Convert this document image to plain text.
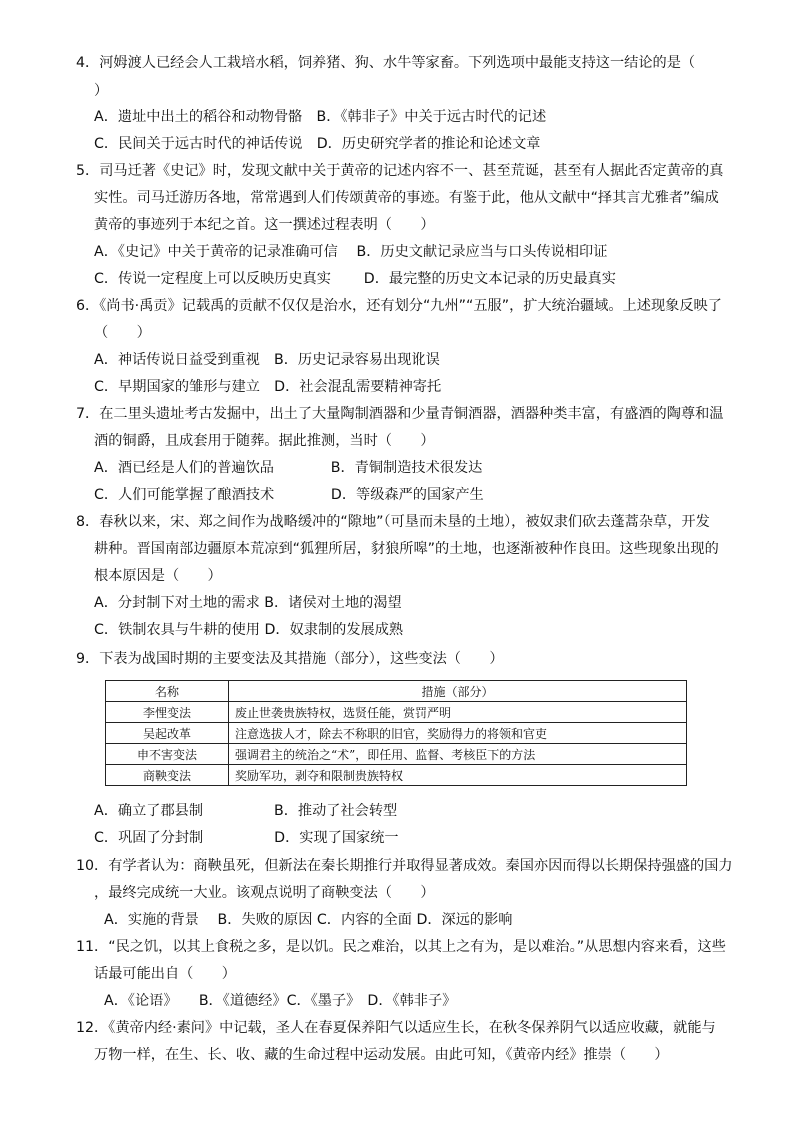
4．河姆渡人已经会人工栽培水稻，饲养猪、狗、水牛等家畜。下列选项中最能支持这一结论的是（
）
A．遗址中出土的稻谷和动物骨骼　B．《韩非子》中关于远古时代的记述
C．民间关于远古时代的神话传说　D．历史研究学者的推论和论述文章
5．司马迁著《史记》时，发现文献中关于黄帝的记述内容不一、甚至荒诞，甚至有人据此否定黄帝的真
实性。司马迁游历各地，常常遇到人们传颂黄帝的事迹。有鉴于此，他从文献中“择其言尤雅者”编成
黄帝的事迹列于本纪之首。这一撰述过程表明（　　）
A．《史记》中关于黄帝的记录准确可信　 B．历史文献记录应当与口头传说相印证
C．传说一定程度上可以反映历史真实　　 D．最完整的历史文本记录的历史最真实
6．《尚书·禹贡》记载禹的贡献不仅仅是治水，还有划分“九州”“五服”，扩大统治疆域。上述现象反映了
（　　）
A．神话传说日益受到重视　B．历史记录容易出现讹误
C．早期国家的雏形与建立　D．社会混乱需要精神寄托
7．在二里头遗址考古发掘中，出土了大量陶制酒器和少量青铜酒器，酒器种类丰富，有盛酒的陶尊和温
酒的铜爵，且成套用于随葬。据此推测，当时（　　）
A．酒已经是人们的普遍饮品　　　　B．青铜制造技术很发达
C．人们可能掌握了酿酒技术　　　　D．等级森严的国家产生
8．春秋以来，宋、郑之间作为战略缓冲的“隙地”（可垦而未垦的土地），被奴隶们砍去蓬蒿杂草，开发
耕种。晋国南部边疆原本荒凉到“狐狸所居，豺狼所嗥”的土地，也逐渐被种作良田。这些现象出现的
根本原因是（　　）
A．分封制下对土地的需求 B．诸侯对土地的渴望
C．铁制农具与牛耕的使用 D．奴隶制的发展成熟
9．下表为战国时期的主要变法及其措施（部分），这些变法（　　）
名称	措施（部分）
李悝变法	废止世袭贵族特权，选贤任能，赏罚严明
吴起改革	注意选拔人才，除去不称职的旧官，奖励得力的将领和官吏
申不害变法	强调君主的统治之“术”，即任用、监督、考核臣下的方法
商鞅变法	奖励军功，剥夺和限制贵族特权
A．确立了郡县制　　　　　B．推动了社会转型
C．巩固了分封制　　　　　D．实现了国家统一
10．有学者认为：商鞅虽死，但新法在秦长期推行并取得显著成效。秦国亦因而得以长期保持强盛的国力
，最终完成统一大业。该观点说明了商鞅变法（　　）
A．实施的背景　 B．失败的原因 C．内容的全面 D．深远的影响
11．“民之饥，以其上食税之多，是以饥。民之难治，以其上之有为，是以难治。”从思想内容来看，这些
话最可能出自（　　）
A．《论语》　　B．《道德经》C．《墨子》　D．《韩非子》
12．《黄帝内经·素问》中记载，圣人在春夏保养阳气以适应生长，在秋冬保养阴气以适应收藏，就能与
万物一样，在生、长、收、藏的生命过程中运动发展。由此可知，《黄帝内经》推崇（　　）
